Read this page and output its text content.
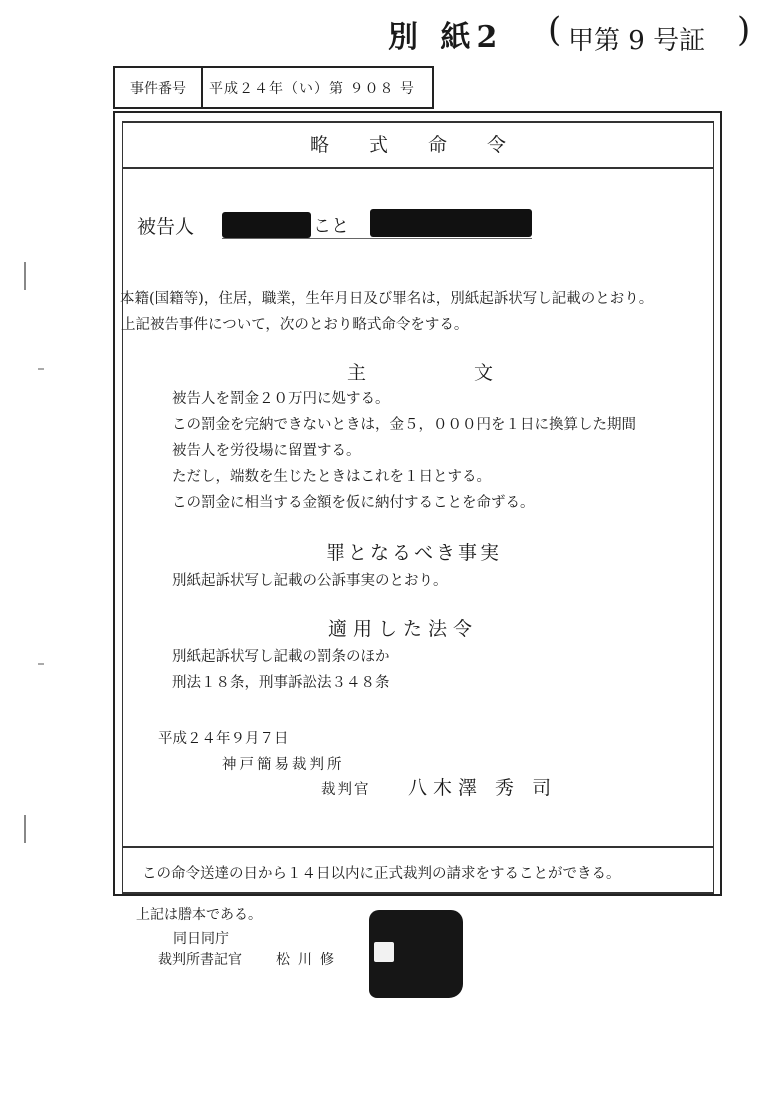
別 紙2 ( 甲第 9 号証 )
事件番号	平成２４年（い）第 ９０８ 号
略式命令
被告人	こと
本籍(国籍等)，住居，職業，生年月日及び罪名は，別紙起訴状写し記載のとおり。
上記被告事件について，次のとおり略式命令をする。
主文
被告人を罰金２０万円に処する。
この罰金を完納できないときは，金５，０００円を１日に換算した期間
被告人を労役場に留置する。
ただし，端数を生じたときはこれを１日とする。
この罰金に相当する金額を仮に納付することを命ずる。
罪となるべき事実
別紙起訴状写し記載の公訴事実のとおり。
適用した法令
別紙起訴状写し記載の罰条のほか
刑法１８条，刑事訴訟法３４８条
平成２４年９月７日
神戸簡易裁判所
裁判官 八木澤 秀 司
この命令送達の日から１４日以内に正式裁判の請求をすることができる。
上記は謄本である。
同日同庁
裁判所書記官 松川修
